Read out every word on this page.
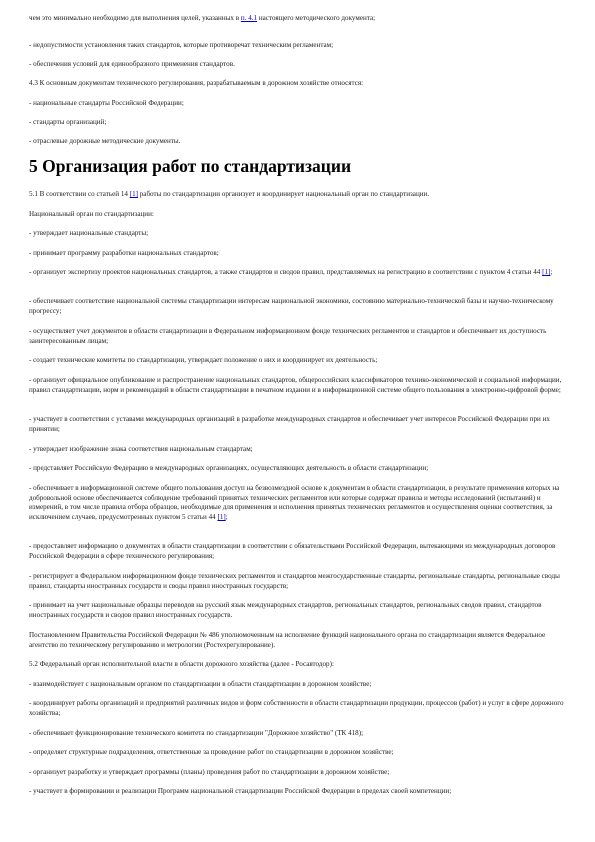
чем это минимально необходимо для выполнения целей, указанных в п. 4.1 настоящего методического документа;

- недопустимости установления таких стандартов, которые противоречат техническим регламентам;

- обеспечения условий для единообразного применения стандартов.

4.3 К основным документам технического регулирования, разрабатываемым в дорожном хозяйстве относятся:

- национальные стандарты Российской Федерации;

- стандарты организаций;

- отраслевые дорожные методические документы.

5 Организация работ по стандартизации

5.1 В соответствии со статьей 14 [1] работы по стандартизации организует и координирует национальный орган по стандартизации.

Национальный орган по стандартизации:

- утверждает национальные стандарты;

- принимает программу разработки национальных стандартов;

- организует экспертизу проектов национальных стандартов, а также стандартов и сводов правил, представляемых на регистрацию в соответствии с пунктом 4 статьи 44 [1];

- обеспечивает соответствие национальной системы стандартизации интересам национальной экономики, состоянию материально-технической базы и научно-техническому прогрессу;

- осуществляет учет документов в области стандартизации в Федеральном информационном фонде технических регламентов и стандартов и обеспечивает их доступность заинтересованным лицам;

- создает технические комитеты по стандартизации, утверждает положение о них и координирует их деятельность;

- организует официальное опубликование и распространение национальных стандартов, общероссийских классификаторов технико-экономической и социальной информации, правил стандартизации, норм и рекомендаций в области стандартизации в печатном издании и в информационной системе общего пользования в электронно-цифровой форме;

- участвует в соответствии с уставами международных организаций в разработке международных стандартов и обеспечивает учет интересов Российской Федерации при их принятии;

- утверждает изображение знака соответствия национальным стандартам;

- представляет Российскую Федерацию в международных организациях, осуществляющих деятельность в области стандартизации;

- обеспечивает в информационной системе общего пользования доступ на безвозмездной основе к документам в области стандартизации, в результате применения которых на добровольной основе обеспечивается соблюдение требований принятых технических регламентов или которые содержат правила и методы исследований (испытаний) и измерений, в том числе правила отбора образцов, необходимые для применения и исполнения принятых технических регламентов и осуществления оценки соответствия, за исключением случаев, предусмотренных пунктом 5 статьи 44 [1];

- предоставляет информацию о документах в области стандартизации в соответствии с обязательствами Российской Федерации, вытекающими из международных договоров Российской Федерации в сфере технического регулирования;

- регистрирует в Федеральном информационном фонде технических регламентов и стандартов межгосударственные стандарты, региональные стандарты, региональные своды правил, стандарты иностранных государств и своды правил иностранных государств;

- принимает на учет национальные образцы переводов на русский язык международных стандартов, региональных стандартов, региональных сводов правил, стандартов иностранных государств и сводов правил иностранных государств.

Постановлением Правительства Российской Федерации № 486 уполномоченным на исполнение функций национального органа по стандартизации является Федеральное агентство по техническому регулированию и метрологии (Ростехрегулирование).

5.2 Федеральный орган исполнительной власти в области дорожного хозяйства (далее - Росавтодор):

- взаимодействует с национальным органом по стандартизации в области стандартизации в дорожном хозяйстве;

- координирует работы организаций и предприятий различных видов и форм собственности в области стандартизации продукции, процессов (работ) и услуг в сфере дорожного хозяйства;

- обеспечивает функционирование технического комитета по стандартизации "Дорожное хозяйство" (ТК 418);

- определяет структурные подразделения, ответственные за проведение работ по стандартизации в дорожном хозяйстве;

- организует разработку и утверждает программы (планы) проведения работ по стандартизации в дорожном хозяйстве;

- участвует в формировании и реализации Программ национальной стандартизации Российской Федерации в пределах своей компетенции;
